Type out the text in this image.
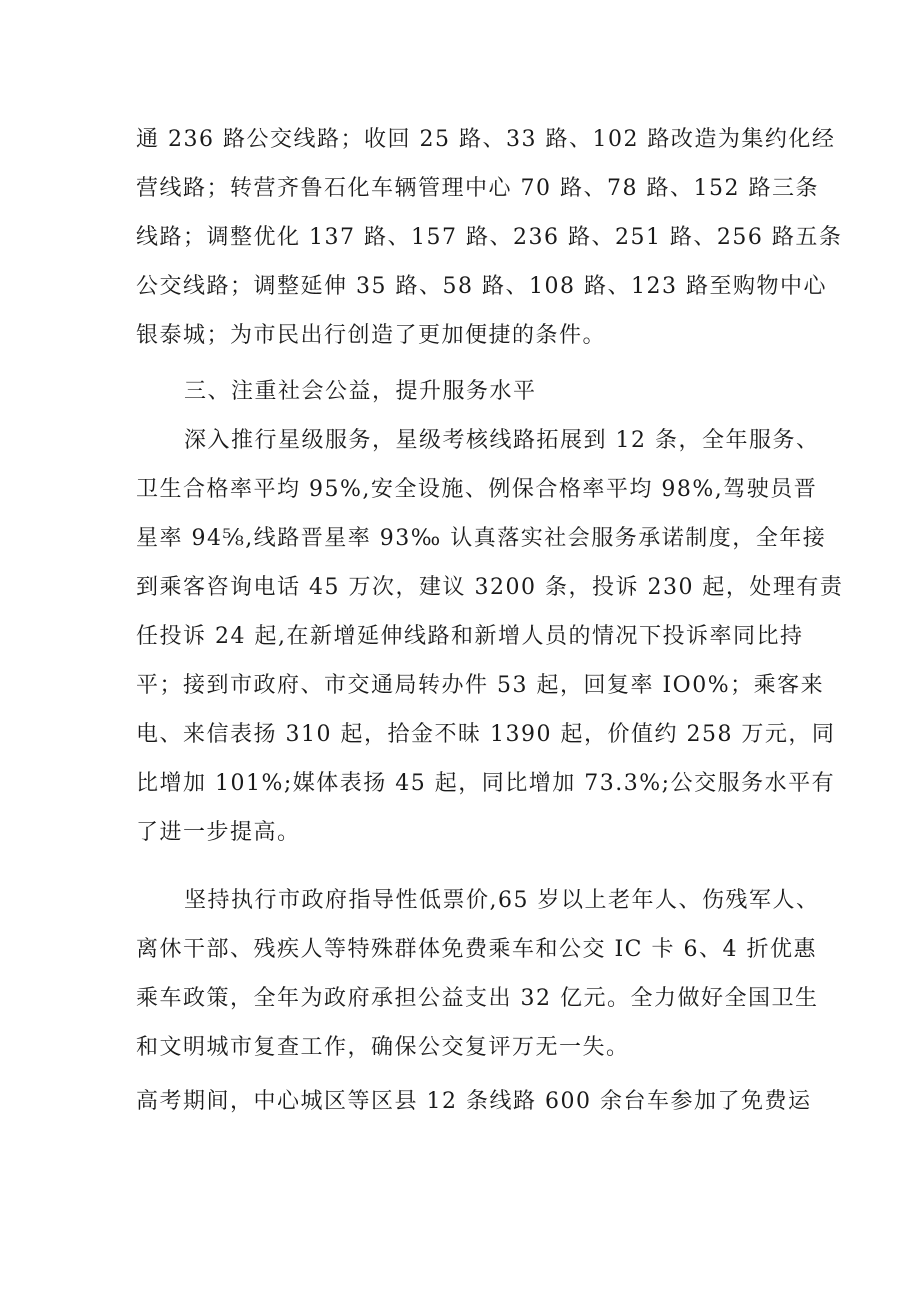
通 236 路公交线路；收回 25 路、33 路、102 路改造为集约化经
营线路；转营齐鲁石化车辆管理中心 70 路、78 路、152 路三条
线路；调整优化 137 路、157 路、236 路、251 路、256 路五条
公交线路；调整延伸 35 路、58 路、108 路、123 路至购物中心
银泰城；为市民出行创造了更加便捷的条件。
三、注重社会公益，提升服务水平
深入推行星级服务，星级考核线路拓展到 12 条，全年服务、
卫生合格率平均 95%,安全设施、例保合格率平均 98%,驾驶员晋
星率 94⅝,线路晋星率 93‰ 认真落实社会服务承诺制度，全年接
到乘客咨询电话 45 万次，建议 3200 条，投诉 230 起，处理有责
任投诉 24 起,在新增延伸线路和新增人员的情况下投诉率同比持
平；接到市政府、市交通局转办件 53 起，回复率 IO0%；乘客来
电、来信表扬 310 起，拾金不昧 1390 起，价值约 258 万元，同
比增加 101%;媒体表扬 45 起，同比增加 73.3%;公交服务水平有
了进一步提高。
坚持执行市政府指导性低票价,65 岁以上老年人、伤残军人、
离休干部、残疾人等特殊群体免费乘车和公交 IC 卡 6、4 折优惠
乘车政策，全年为政府承担公益支出 32 亿元。全力做好全国卫生
和文明城市复查工作，确保公交复评万无一失。
高考期间，中心城区等区县 12 条线路 600 余台车参加了免费运
